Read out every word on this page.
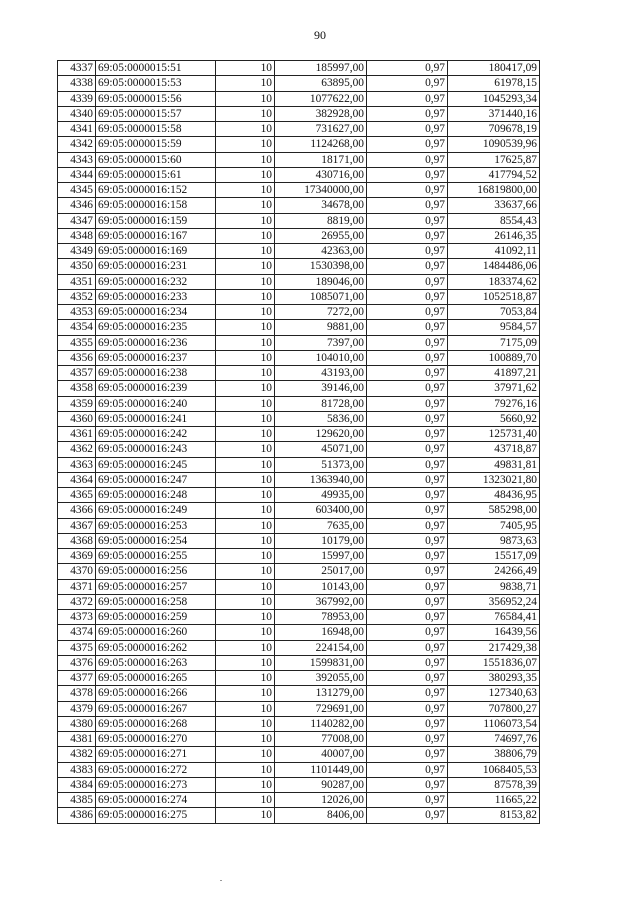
90
4337	69:05:0000015:51	10	185997,00	0,97	180417,09
4338	69:05:0000015:53	10	63895,00	0,97	61978,15
4339	69:05:0000015:56	10	1077622,00	0,97	1045293,34
4340	69:05:0000015:57	10	382928,00	0,97	371440,16
4341	69:05:0000015:58	10	731627,00	0,97	709678,19
4342	69:05:0000015:59	10	1124268,00	0,97	1090539,96
4343	69:05:0000015:60	10	18171,00	0,97	17625,87
4344	69:05:0000015:61	10	430716,00	0,97	417794,52
4345	69:05:0000016:152	10	17340000,00	0,97	16819800,00
4346	69:05:0000016:158	10	34678,00	0,97	33637,66
4347	69:05:0000016:159	10	8819,00	0,97	8554,43
4348	69:05:0000016:167	10	26955,00	0,97	26146,35
4349	69:05:0000016:169	10	42363,00	0,97	41092,11
4350	69:05:0000016:231	10	1530398,00	0,97	1484486,06
4351	69:05:0000016:232	10	189046,00	0,97	183374,62
4352	69:05:0000016:233	10	1085071,00	0,97	1052518,87
4353	69:05:0000016:234	10	7272,00	0,97	7053,84
4354	69:05:0000016:235	10	9881,00	0,97	9584,57
4355	69:05:0000016:236	10	7397,00	0,97	7175,09
4356	69:05:0000016:237	10	104010,00	0,97	100889,70
4357	69:05:0000016:238	10	43193,00	0,97	41897,21
4358	69:05:0000016:239	10	39146,00	0,97	37971,62
4359	69:05:0000016:240	10	81728,00	0,97	79276,16
4360	69:05:0000016:241	10	5836,00	0,97	5660,92
4361	69:05:0000016:242	10	129620,00	0,97	125731,40
4362	69:05:0000016:243	10	45071,00	0,97	43718,87
4363	69:05:0000016:245	10	51373,00	0,97	49831,81
4364	69:05:0000016:247	10	1363940,00	0,97	1323021,80
4365	69:05:0000016:248	10	49935,00	0,97	48436,95
4366	69:05:0000016:249	10	603400,00	0,97	585298,00
4367	69:05:0000016:253	10	7635,00	0,97	7405,95
4368	69:05:0000016:254	10	10179,00	0,97	9873,63
4369	69:05:0000016:255	10	15997,00	0,97	15517,09
4370	69:05:0000016:256	10	25017,00	0,97	24266,49
4371	69:05:0000016:257	10	10143,00	0,97	9838,71
4372	69:05:0000016:258	10	367992,00	0,97	356952,24
4373	69:05:0000016:259	10	78953,00	0,97	76584,41
4374	69:05:0000016:260	10	16948,00	0,97	16439,56
4375	69:05:0000016:262	10	224154,00	0,97	217429,38
4376	69:05:0000016:263	10	1599831,00	0,97	1551836,07
4377	69:05:0000016:265	10	392055,00	0,97	380293,35
4378	69:05:0000016:266	10	131279,00	0,97	127340,63
4379	69:05:0000016:267	10	729691,00	0,97	707800,27
4380	69:05:0000016:268	10	1140282,00	0,97	1106073,54
4381	69:05:0000016:270	10	77008,00	0,97	74697,76
4382	69:05:0000016:271	10	40007,00	0,97	38806,79
4383	69:05:0000016:272	10	1101449,00	0,97	1068405,53
4384	69:05:0000016:273	10	90287,00	0,97	87578,39
4385	69:05:0000016:274	10	12026,00	0,97	11665,22
4386	69:05:0000016:275	10	8406,00	0,97	8153,82
